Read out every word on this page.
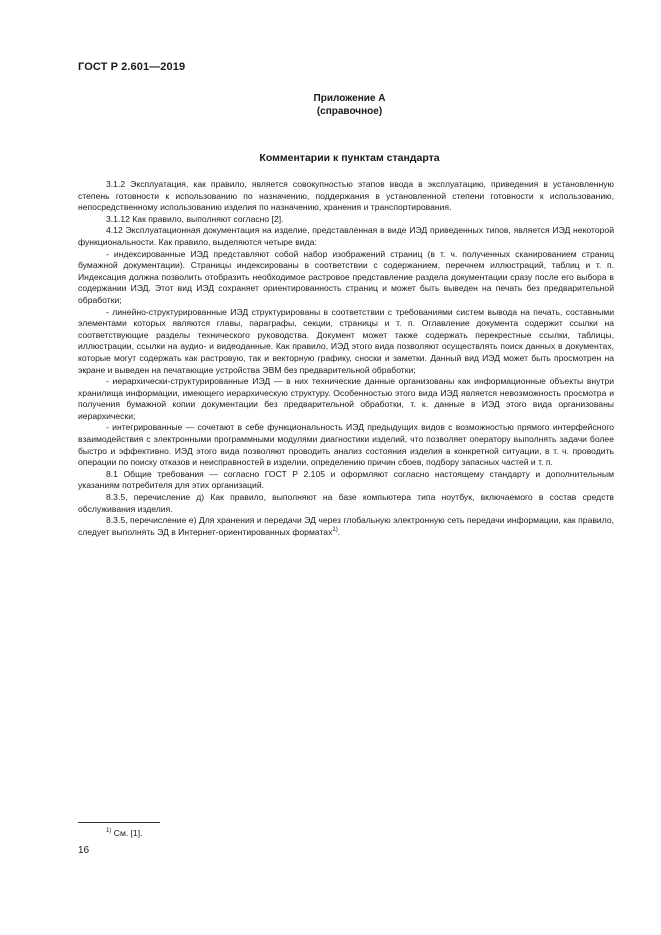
ГОСТ Р 2.601—2019
Приложение А
(справочное)
Комментарии к пунктам стандарта

3.1.2 Эксплуатация, как правило, является совокупностью этапов ввода в эксплуатацию, приведения в установленную степень готовности к использованию по назначению, поддержания в установленной степени готовности к использованию, непосредственному использованию изделия по назначению, хранения и транспортирования.

3.1.12 Как правило, выполняют согласно [2].

4.12 Эксплуатационная документация на изделие, представленная в виде ИЭД приведенных типов, является ИЭД некоторой функциональности. Как правило, выделяются четыре вида:

- индексированные ИЭД представляют собой набор изображений страниц (в т. ч. полученных сканированием страниц бумажной документации). Страницы индексированы в соответствии с содержанием, перечнем иллюстраций, таблиц и т. п. Индексация должна позволить отобразить необходимое растровое представление раздела документации сразу после его выбора в содержании ИЭД. Этот вид ИЭД сохраняет ориентированность страниц и может быть выведен на печать без предварительной обработки;

- линейно-структурированные ИЭД структурированы в соответствии с требованиями систем вывода на печать, составными элементами которых являются главы, параграфы, секции, страницы и т. п. Оглавление документа содержит ссылки на соответствующие разделы технического руководства. Документ может также содержать перекрестные ссылки, таблицы, иллюстрации, ссылки на аудио- и видеоданные. Как правило, ИЭД этого вида позволяют осуществлять поиск данных в документах, которые могут содержать как растровую, так и векторную графику, сноски и заметки. Данный вид ИЭД может быть просмотрен на экране и выведен на печатающие устройства ЭВМ без предварительной обработки;

- иерархически-структурированные ИЭД — в них технические данные организованы как информационные объекты внутри хранилища информации, имеющего иерархическую структуру. Особенностью этого вида ИЭД является невозможность просмотра и получения бумажной копии документации без предварительной обработки, т. к. данные в ИЭД этого вида организованы иерархически;

- интегрированные — сочетают в себе функциональность ИЭД предыдущих видов с возможностью прямого интерфейсного взаимодействия с электронными программными модулями диагностики изделий, что позволяет оператору выполнять задачи более быстро и эффективно. ИЭД этого вида позволяют проводить анализ состояния изделия в конкретной ситуации, в т. ч. проводить операции по поиску отказов и неисправностей в изделии, определению причин сбоев, подбору запасных частей и т. п.

8.1 Общие требования — согласно ГОСТ Р 2.105 и оформляют согласно настоящему стандарту и дополнительным указаниям потребителя для этих организаций.

8.3.5, перечисление д) Как правило, выполняют на базе компьютера типа ноутбук, включаемого в состав средств обслуживания изделия.

8.3.5, перечисление е) Для хранения и передачи ЭД через глобальную электронную сеть передачи информации, как правило, следует выполнять ЭД в Интернет-ориентированных форматах$^{1)}$.

$^{1)}$ См. [1].
16
